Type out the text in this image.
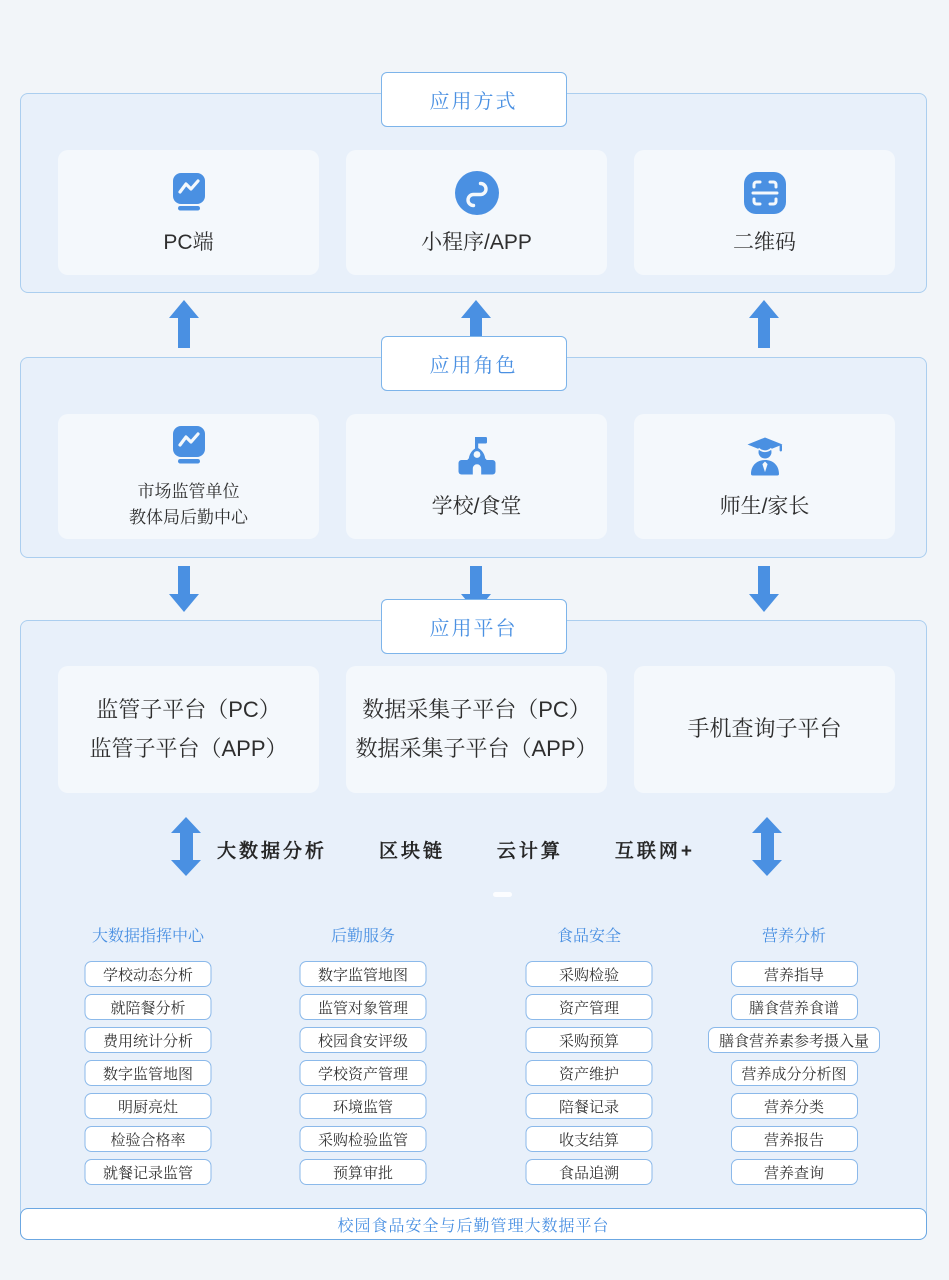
应用方式
PC端	小程序/APP	二维码
应用角色
市场监管单位
教体局后勤中心	学校/食堂	师生/家长
应用平台
监管子平台（PC）
监管子平台（APP）
数据采集子平台（PC）
数据采集子平台（APP）
手机查询子平台
大数据分析	区块链	云计算	互联网+
大数据指挥中心	后勤服务	食品安全	营养分析
学校动态分析
就陪餐分析
费用统计分析
数字监管地图
明厨亮灶
检验合格率
就餐记录监管
数字监管地图
监管对象管理
校园食安评级
学校资产管理
环境监管
采购检验监管
预算审批
采购检验
资产管理
采购预算
资产维护
陪餐记录
收支结算
食品追溯
营养指导
膳食营养食谱
膳食营养素参考摄入量
营养成分分析图
营养分类
营养报告
营养查询
校园食品安全与后勤管理大数据平台
